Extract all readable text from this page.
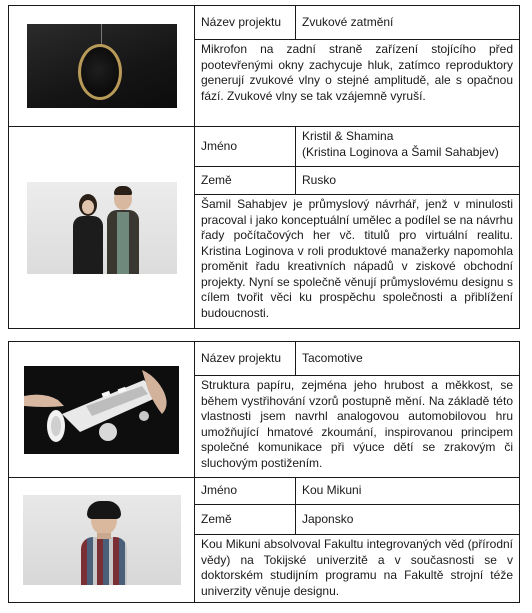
	Název projektu	Zvukové zatmění
	Mikrofon na zadní straně zařízení stojícího před pootevřenými okny zachycuje hluk, zatímco reproduktory generují zvukové vlny o stejné amplitudě, ale s opačnou fází. Zvukové vlny se tak vzájemně vyruší.	

	Jméno	Kristil & Shamina
(Kristina Loginova a Šamil Sahabjev)

	Země	Rusko
	Šamil Sahabjev je průmyslový návrhář, jenž v minulosti pracoval i jako konceptuální umělec a podílel se na návrhu řady počítačových her vč. titulů pro virtuální realitu. Kristina Loginova v roli produktové manažerky napomohla proměnit řadu kreativních nápadů v ziskové obchodní projekty. Nyní se společně věnují průmyslovému designu s cílem tvořit věci ku prospěchu společnosti a přiblížení budoucnosti.	
	Název projektu	Tacomotive
	Struktura papíru, zejména jeho hrubost a měkkost, se během vystřihování vzorů postupně mění. Na základě této vlastnosti jsem navrhl analogovou automobilovou hru umožňující hmatové zkoumání, inspirovanou principem společné komunikace při výuce dětí se zrakovým či sluchovým postižením.	

	Jméno	Kou Mikuni
	Země	Japonsko
	Kou Mikuni absolvoval Fakultu integrovaných věd (přírodní vědy) na Tokijské univerzitě a v současnosti se v doktorském studijním programu na Fakultě strojní téže univerzity věnuje designu.	
